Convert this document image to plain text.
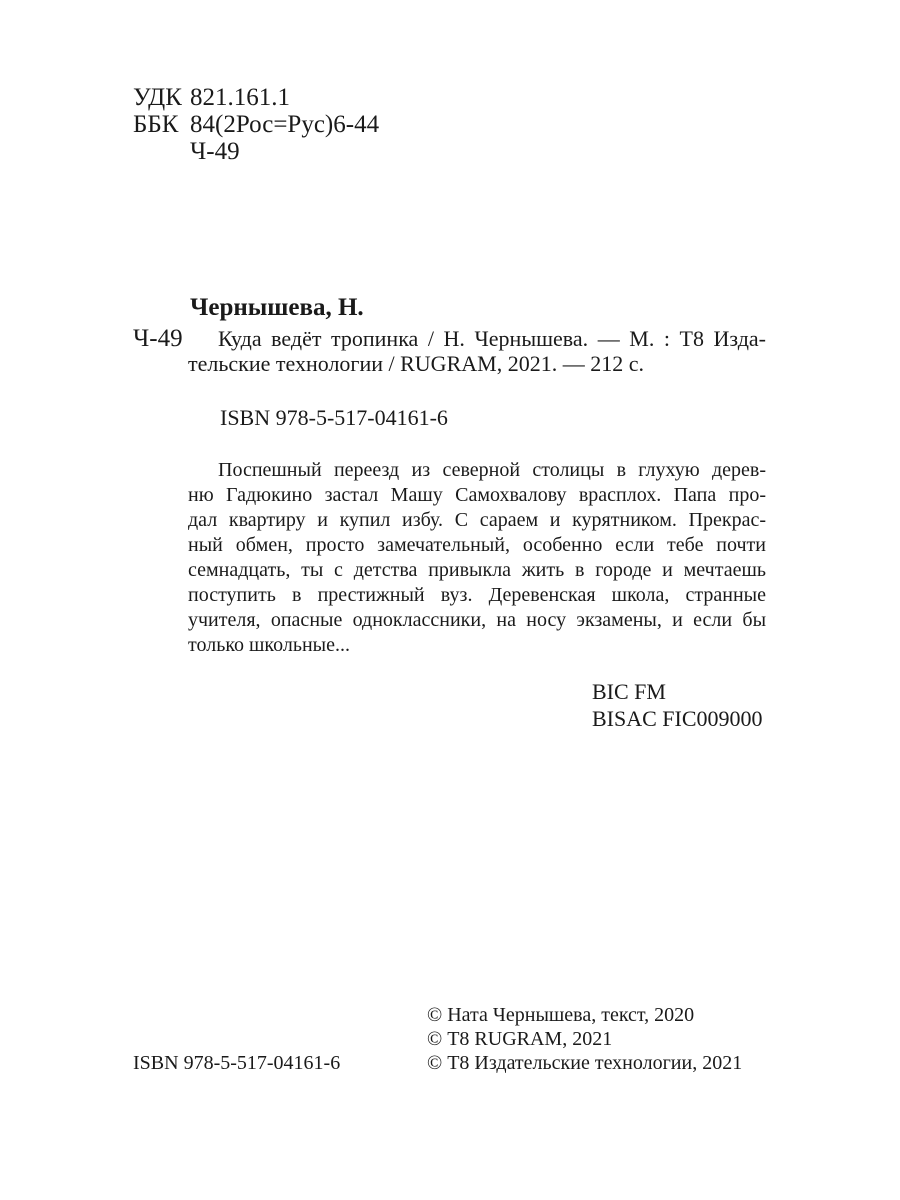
УДК 821.161.1
ББК 84(2Рос=Рус)6-44
Ч-49
Чернышева, Н.
Ч-49	Куда ведёт тропинка / Н. Чернышева. — М. : Т8 Изда-
тельские технологии / RUGRAM, 2021. — 212 с.
ISBN 978-5-517-04161-6
Поспешный переезд из северной столицы в глухую дерев-
ню Гадюкино застал Машу Самохвалову врасплох. Папа про-
дал квартиру и купил избу. С сараем и курятником. Прекрас-
ный обмен, просто замечательный, особенно если тебе почти
семнадцать, ты с детства привыкла жить в городе и мечтаешь
поступить в престижный вуз. Деревенская школа, странные
учителя, опасные одноклассники, на носу экзамены, и если бы
только школьные...
BIC FM
BISAC FIC009000
ISBN 978-5-517-04161-6
© Ната Чернышева, текст, 2020
© Т8 RUGRAM, 2021
© Т8 Издательские технологии, 2021
